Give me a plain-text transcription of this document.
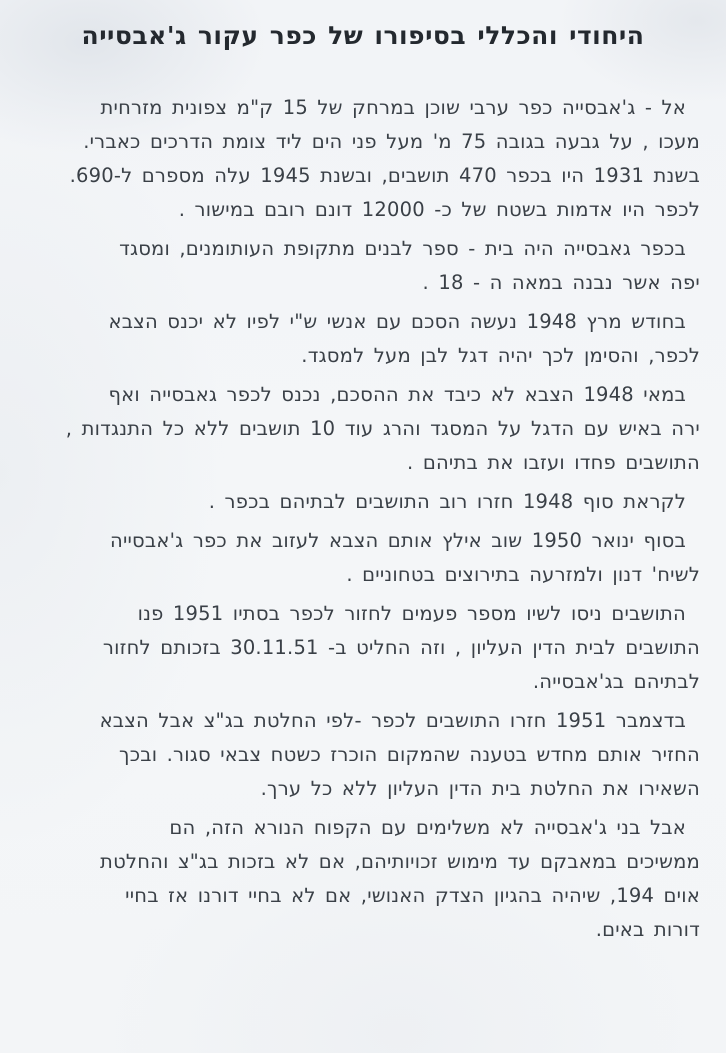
היחודי והכללי בסיפורו של כפר עקור ג'אבסייה
אל - ג'אבסייה כפר ערבי שוכן במרחק של 15 ק"מ צפונית מזרחית
מעכו , על גבעה בגובה 75 מ' מעל פני הים ליד צומת הדרכים כאברי.
בשנת 1931 היו בכפר 470 תושבים, ובשנת 1945 עלה מספרם ל-690.
לכפר היו אדמות בשטח של כ- 12000 דונם רובם במישור .
בכפר גאבסייה היה בית - ספר לבנים מתקופת העותומנים, ומסגד
יפה אשר נבנה במאה ה - 18 .
בחודש מרץ 1948 נעשה הסכם עם אנשי ש"י לפיו לא יכנס הצבא
לכפר, והסימן לכך יהיה דגל לבן מעל למסגד.
במאי 1948 הצבא לא כיבד את ההסכם, נכנס לכפר גאבסייה ואף
ירה באיש עם הדגל על המסגד והרג עוד 10 תושבים ללא כל התנגדות ,
התושבים פחדו ועזבו את בתיהם .
לקראת סוף 1948 חזרו רוב התושבים לבתיהם בכפר .
בסוף ינואר 1950 שוב אילץ אותם הצבא לעזוב את כפר ג'אבסייה
לשיח' דנון ולמזרעה בתירוצים בטחוניים .
התושבים ניסו לשיו מספר פעמים לחזור לכפר בסתיו 1951 פנו
התושבים לבית הדין העליון , וזה החליט ב- 30.11.51 בזכותם לחזור
לבתיהם בג'אבסייה.
בדצמבר 1951 חזרו התושבים לכפר -לפי החלטת בג"צ אבל הצבא
החזיר אותם מחדש בטענה שהמקום הוכרז כשטח צבאי סגור. ובכך
השאירו את החלטת בית הדין העליון ללא כל ערך.
אבל בני ג'אבסייה לא משלימים עם הקפוח הנורא הזה, הם
ממשיכים במאבקם עד מימוש זכויותיהם, אם לא בזכות בג"צ והחלטת
אוים 194, שיהיה בהגיון הצדק האנושי, אם לא בחיי דורנו אז בחיי
דורות באים.
